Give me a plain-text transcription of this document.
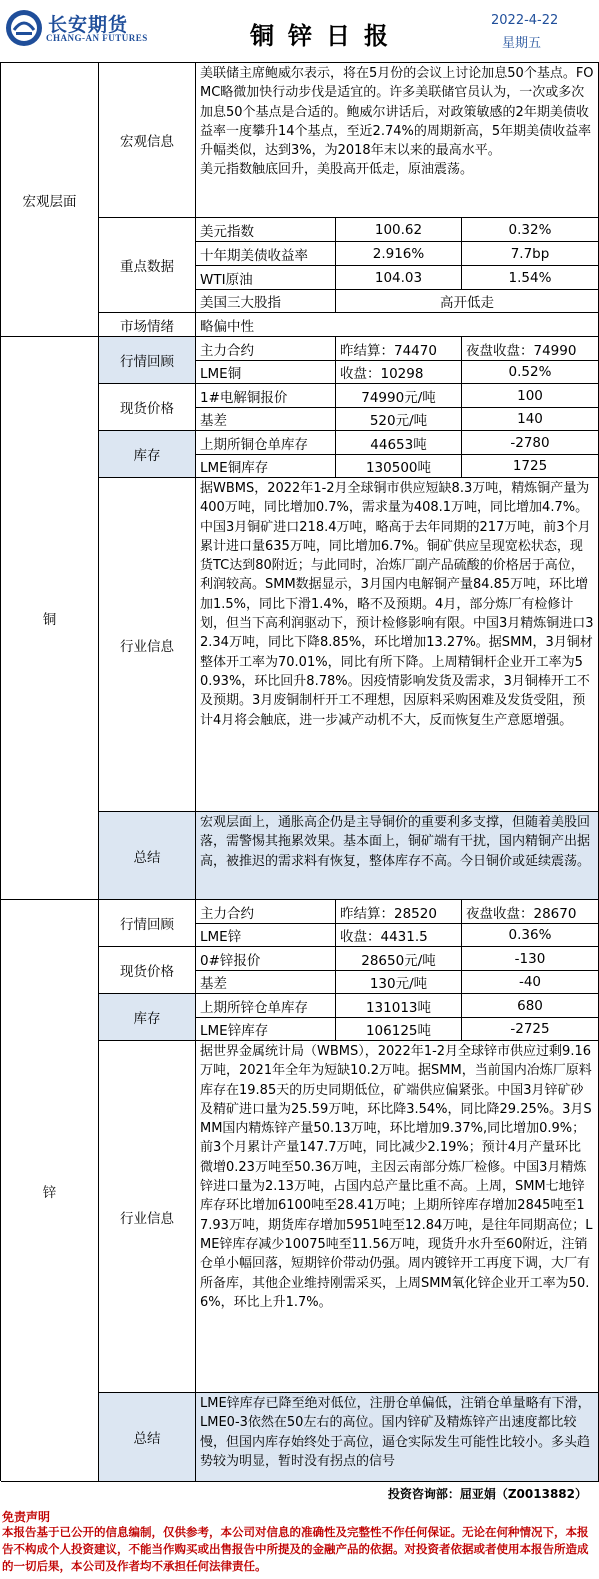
长安期货
CHANG-AN FUTURES	铜锌日报
2022-4-22
星期五
宏观层面
宏观信息
美联储主席鲍威尔表示，将在5月份的会议上讨论加息50个基点。FOMC略微加快行动步伐是适宜的。许多美联储官员认为，一次或多次加息50个基点是合适的。鲍威尔讲话后，对政策敏感的2年期美债收益率一度攀升14个基点，至近2.74%的周期新高，5年期美债收益率升幅类似，达到3%，为2018年末以来的最高水平。
美元指数触底回升，美股高开低走，原油震荡。
重点数据
美元指数	100.62	0.32%
十年期美债收益率	2.916%	7.7bp
WTI原油	104.03	1.54%
美国三大股指	高开低走
市场情绪	略偏中性
铜
行情回顾
主力合约	昨结算：74470	夜盘收盘：74990
LME铜	收盘：10298	0.52%
现货价格
1#电解铜报价	74990元/吨	100
基差	520元/吨	140
库存
上期所铜仓单库存	44653吨	-2780
LME铜库存	130500吨	1725
行业信息
据WBMS，2022年1-2月全球铜市供应短缺8.3万吨，精炼铜产量为400万吨，同比增加0.7%，需求量为408.1万吨，同比增加4.7%。中国3月铜矿进口218.4万吨，略高于去年同期的217万吨，前3个月累计进口量635万吨，同比增加6.7%。铜矿供应呈现宽松状态，现货TC达到80附近；与此同时，冶炼厂副产品硫酸的价格居于高位，利润较高。SMM数据显示，3月国内电解铜产量84.85万吨，环比增加1.5%，同比下滑1.4%，略不及预期。4月，部分炼厂有检修计划，但当下高利润驱动下，预计检修影响有限。中国3月精炼铜进口32.34万吨，同比下降8.85%，环比增加13.27%。据SMM，3月铜材整体开工率为70.01%，同比有所下降。上周精铜杆企业开工率为50.93%，环比回升8.78%。因疫情影响发货及需求，3月铜棒开工不及预期。3月废铜制杆开工不理想，因原料采购困难及发货受阻，预计4月将会触底，进一步减产动机不大，反而恢复生产意愿增强。
总结
宏观层面上，通胀高企仍是主导铜价的重要利多支撑，但随着美股回落，需警惕其拖累效果。基本面上，铜矿端有干扰，国内精铜产出据高，被推迟的需求料有恢复，整体库存不高。今日铜价或延续震荡。
锌
行情回顾
主力合约	昨结算：28520	夜盘收盘：28670
LME锌	收盘：4431.5	0.36%
现货价格
0#锌报价	28650元/吨	-130
基差	130元/吨	-40
库存
上期所锌仓单库存	131013吨	680
LME锌库存	106125吨	-2725
行业信息
据世界金属统计局（WBMS），2022年1-2月全球锌市供应过剩9.16万吨，2021年全年为短缺10.2万吨。据SMM，当前国内冶炼厂原料库存在19.85天的历史同期低位，矿端供应偏紧张。中国3月锌矿砂及精矿进口量为25.59万吨，环比降3.54%，同比降29.25%。3月SMM国内精炼锌产量50.13万吨，环比增加9.37%,同比增加0.9%；前3个月累计产量147.7万吨，同比减少2.19%；预计4月产量环比微增0.23万吨至50.36万吨，主因云南部分炼厂检修。中国3月精炼锌进口量为2.13万吨，占国内总产量比重不高。上周，SMM七地锌库存环比增加6100吨至28.41万吨；上期所锌库存增加2845吨至17.93万吨，期货库存增加5951吨至12.84万吨，是往年同期高位；LME锌库存减少10075吨至11.56万吨，现货升水升至60附近，注销仓单小幅回落，短期锌价带动仍强。周内镀锌开工再度下调，大厂有所备库，其他企业维持刚需采买，上周SMM氧化锌企业开工率为50.6%，环比上升1.7%。
总结
LME锌库存已降至绝对低位，注册仓单偏低，注销仓单量略有下滑，LME0-3依然在50左右的高位。国内锌矿及精炼锌产出速度都比较慢，但国内库存始终处于高位，逼仓实际发生可能性比较小。多头趋势较为明显，暂时没有拐点的信号
投资咨询部：屈亚娟（Z0013882）
免责声明
本报告基于已公开的信息编制，仅供参考，本公司对信息的准确性及完整性不作任何保证。无论在何种情况下，本报告不构成个人投资建议，不能当作购买或出售报告中所提及的金融产品的依据。对投资者依据或者使用本报告所造成的一切后果，本公司及作者均不承担任何法律责任。
